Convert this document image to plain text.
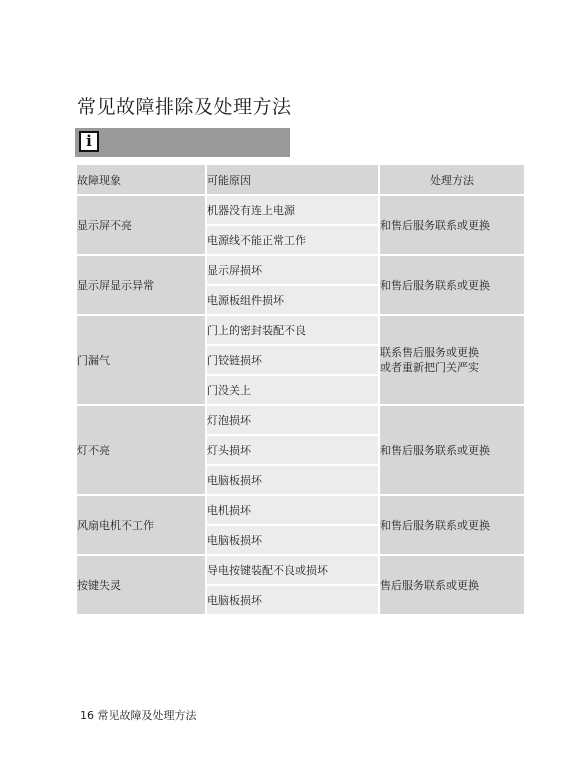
常见故障排除及处理方法
i
故障现象	可能原因	处理方法
显示屏不亮	机器没有连上电源	和售后服务联系或更换
	电源线不能正常工作	
显示屏显示异常	显示屏损坏	和售后服务联系或更换
	电源板组件损坏	
门漏气	门上的密封装配不良	联系售后服务或更换
或者重新把门关严实
	门铰链损坏	
	门没关上	
灯不亮	灯泡损坏	和售后服务联系或更换
	灯头损坏	
	电脑板损坏	
风扇电机不工作	电机损坏	和售后服务联系或更换
	电脑板损坏	
按键失灵	导电按键装配不良或损坏	售后服务联系或更换
	电脑板损坏	
16 常见故障及处理方法
